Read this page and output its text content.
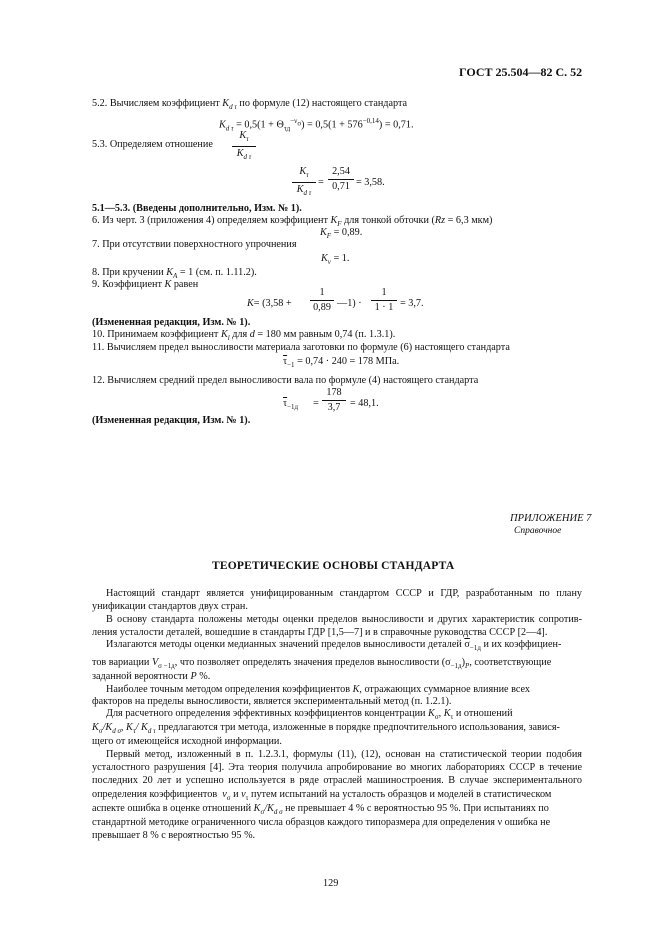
ГОСТ 25.504—82 С. 52
5.2. Вычисляем коэффициент $K_{d \tau}$ по формуле (12) настоящего стандарта
$K_{d \tau} = 0,5(1 + \Theta_{\tau д}^{-\nu_\sigma}) = 0,5(1 + 576^{-0,14}) = 0,71$.
5.3. Определяем отношение
$K_\tau$
$K_{d \tau}$
$K_\tau$
$K_{d \tau}$
=
2,54
0,71 = 3,58.
5.1—5.3. (Введены дополнительно, Изм. № 1).
6. Из черт. 3 (приложения 4) определяем коэффициент $K_F$ для тонкой обточки (Rz = 6,3 мкм)
$K_F = 0,89$.
7. При отсутствии поверхностного упрочнения
$K_v = 1$.
8. При кручении $K_A = 1$ (см. п. 1.11.2).
9. Коэффициент K равен
K= (3,58 +
1
0,89 —1) ·
1
1 · 1 = 3,7.
(Измененная редакция, Изм. № 1).
10. Принимаем коэффициент $K_l$ для d = 180 мм равным 0,74 (п. 1.3.1).
11. Вычисляем предел выносливости материала заготовки по формуле (6) настоящего стандарта
$\overline{\tau}_{-1} = 0,74 \cdot 240 = 178$ МПа.
12. Вычисляем средний предел выносливости вала по формуле (4) настоящего стандарта
$\overline{\tau}_{-1д}$ =
178
3,7 = 48,1.
(Измененная редакция, Изм. № 1).
ПРИЛОЖЕНИЕ 7
Справочное
ТЕОРЕТИЧЕСКИЕ ОСНОВЫ СТАНДАРТА
Настоящий стандарт является унифицированным стандартом СССР и ГДР, разработанным по плану
унификации стандартов двух стран.
В основу стандарта положены методы оценки пределов выносливости и других характеристик сопротив-
ления усталости деталей, вошедшие в стандарты ГДР [1,5—7] и в справочные руководства СССР [2—4].
Излагаются методы оценки медианных значений пределов выносливости деталей $\overline{\sigma}_{-1д}$ и их коэффициен-
тов вариации $V_{\sigma -1д}$, что позволяет определять значения пределов выносливости $(\sigma_{-1д})_P$, соответствующие
заданной вероятности P %.
Наиболее точным методом определения коэффициентов K, отражающих суммарное влияние всех
факторов на пределы выносливости, является экспериментальный метод (п. 1.2.1).
Для расчетного определения эффективных коэффициентов концентрации $K_\sigma$, $K_\tau$ и отношений
$K_\sigma/K_{d \sigma}$, $K_\tau/$ $K_{d \tau}$ предлагаются три метода, изложенные в порядке предпочтительного использования, завися-
щего от имеющейся исходной информации.
Первый метод, изложенный в п. 1.2.3.1, формулы (11), (12), основан на статистической теории подобия
усталостного разрушения [4]. Эта теория получила апробирование во многих лабораториях СССР в течение
последних 20 лет и успешно используется в ряде отраслей машиностроения. В случае экспериментального
определения коэффициентов $\nu_\sigma$ и $\nu_\tau$ путем испытаний на усталость образцов и моделей в статистическом
аспекте ошибка в оценке отношений $K_\sigma/K_{d \sigma}$ не превышает 4 % с вероятностью 95 %. При испытаниях по
стандартной методике ограниченного числа образцов каждого типоразмера для определения ν ошибка не
превышает 8 % с вероятностью 95 %.
129
